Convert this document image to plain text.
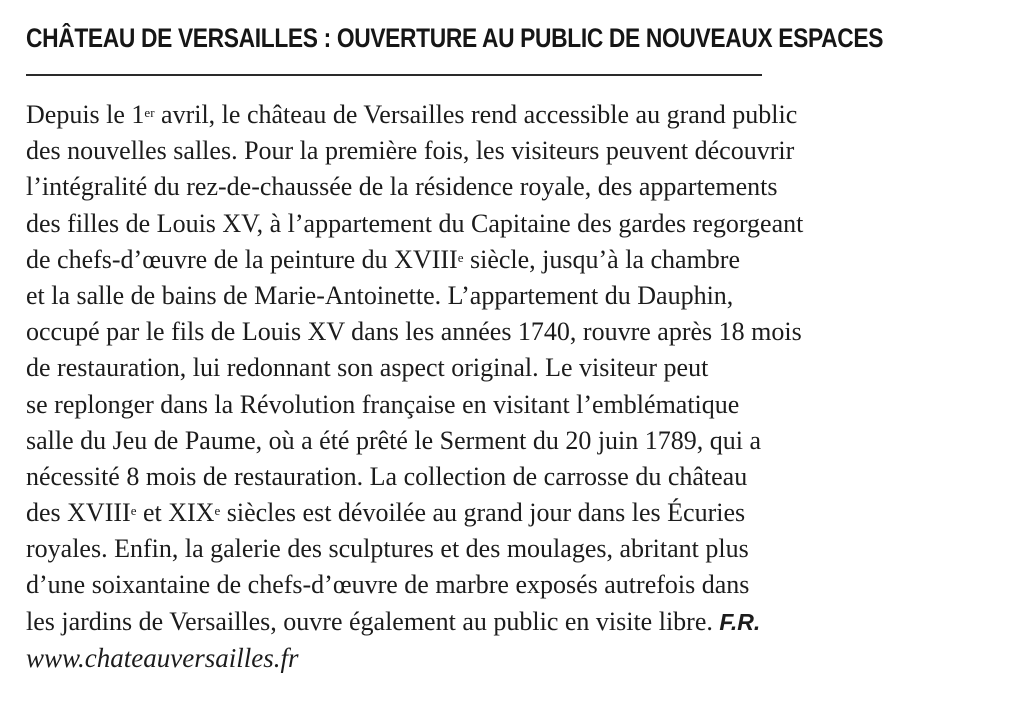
CHÂTEAU DE VERSAILLES : OUVERTURE AU PUBLIC DE NOUVEAUX ESPACES
Depuis le 1er avril, le château de Versailles rend accessible au grand public
des nouvelles salles. Pour la première fois, les visiteurs peuvent découvrir
l’intégralité du rez-de-chaussée de la résidence royale, des appartements
des filles de Louis XV, à l’appartement du Capitaine des gardes regorgeant
de chefs-d’œuvre de la peinture du XVIIIe siècle, jusqu’à la chambre
et la salle de bains de Marie-Antoinette. L’appartement du Dauphin,
occupé par le fils de Louis XV dans les années 1740, rouvre après 18 mois
de restauration, lui redonnant son aspect original. Le visiteur peut
se replonger dans la Révolution française en visitant l’emblématique
salle du Jeu de Paume, où a été prêté le Serment du 20 juin 1789, qui a
nécessité 8 mois de restauration. La collection de carrosse du château
des XVIIIe et XIXe siècles est dévoilée au grand jour dans les Écuries
royales. Enfin, la galerie des sculptures et des moulages, abritant plus
d’une soixantaine de chefs-d’œuvre de marbre exposés autrefois dans
les jardins de Versailles, ouvre également au public en visite libre. F.R.
www.chateauversailles.fr
